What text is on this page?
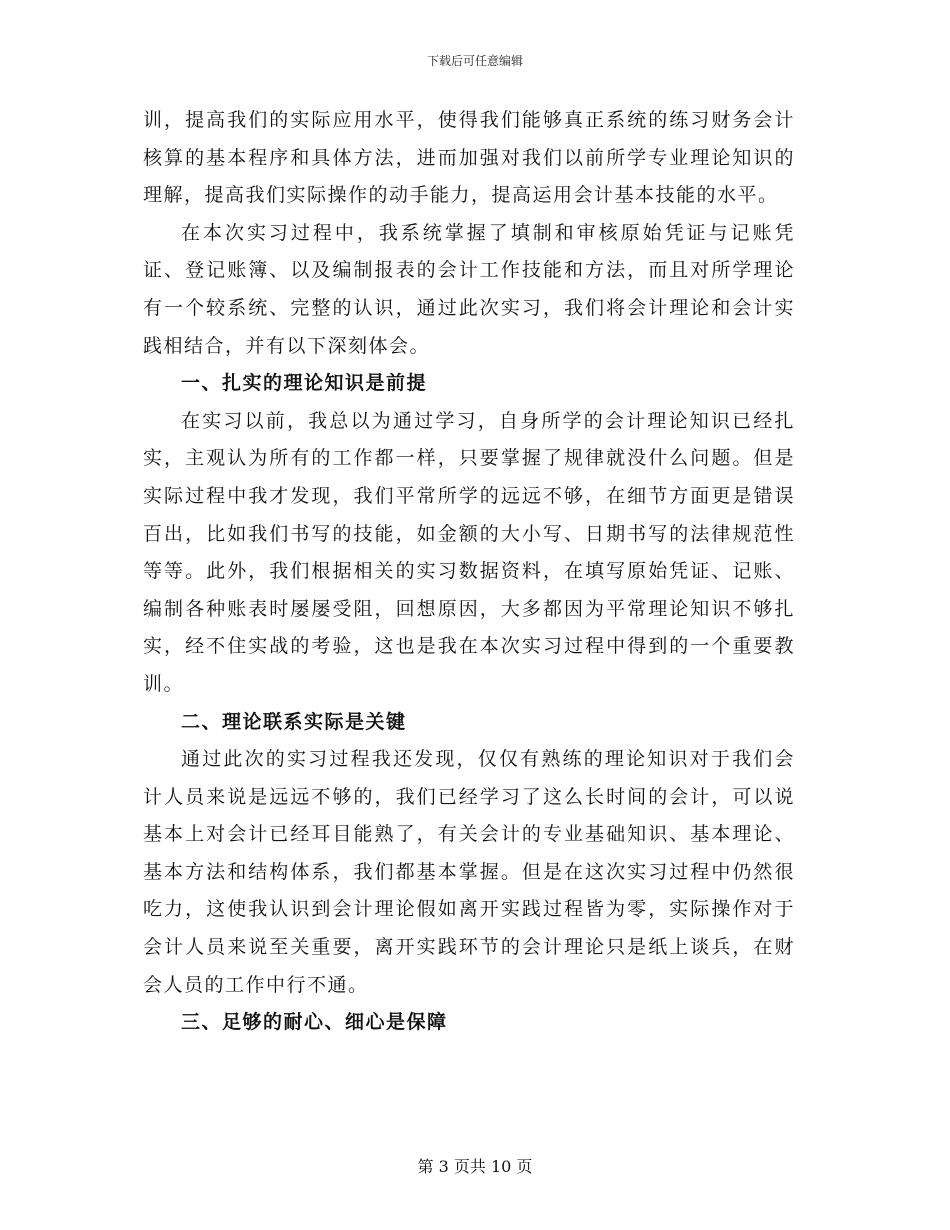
下载后可任意编辑

训，提高我们的实际应用水平，使得我们能够真正系统的练习财务会计核算的基本程序和具体方法，进而加强对我们以前所学专业理论知识的理解，提高我们实际操作的动手能力，提高运用会计基本技能的水平。

在本次实习过程中，我系统掌握了填制和审核原始凭证与记账凭证、登记账簿、以及编制报表的会计工作技能和方法，而且对所学理论有一个较系统、完整的认识，通过此次实习，我们将会计理论和会计实践相结合，并有以下深刻体会。

一、扎实的理论知识是前提

在实习以前，我总以为通过学习，自身所学的会计理论知识已经扎实，主观认为所有的工作都一样，只要掌握了规律就没什么问题。但是实际过程中我才发现，我们平常所学的远远不够，在细节方面更是错误百出，比如我们书写的技能，如金额的大小写、日期书写的法律规范性等等。此外，我们根据相关的实习数据资料，在填写原始凭证、记账、编制各种账表时屡屡受阻，回想原因，大多都因为平常理论知识不够扎实，经不住实战的考验，这也是我在本次实习过程中得到的一个重要教训。

二、理论联系实际是关键

通过此次的实习过程我还发现，仅仅有熟练的理论知识对于我们会计人员来说是远远不够的，我们已经学习了这么长时间的会计，可以说基本上对会计已经耳目能熟了，有关会计的专业基础知识、基本理论、基本方法和结构体系，我们都基本掌握。但是在这次实习过程中仍然很吃力，这使我认识到会计理论假如离开实践过程皆为零，实际操作对于会计人员来说至关重要，离开实践环节的会计理论只是纸上谈兵，在财会人员的工作中行不通。

三、足够的耐心、细心是保障

第 3 页共 10 页
